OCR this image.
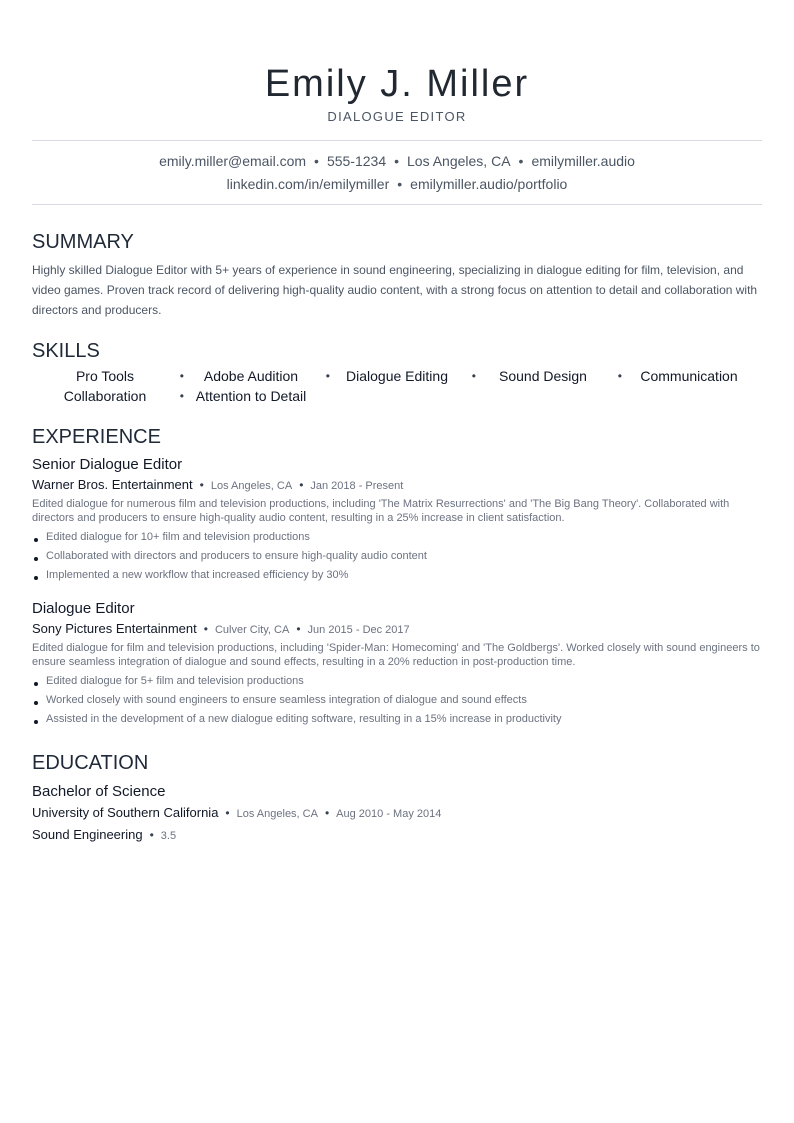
Emily J. Miller
DIALOGUE EDITOR
emily.miller@email.com • 555-1234 • Los Angeles, CA • emilymiller.audio
linkedin.com/in/emilymiller • emilymiller.audio/portfolio
SUMMARY
Highly skilled Dialogue Editor with 5+ years of experience in sound engineering, specializing in dialogue editing for film, television, and video games. Proven track record of delivering high-quality audio content, with a strong focus on attention to detail and collaboration with directors and producers.
SKILLS
Pro Tools	•	Adobe Audition •	Dialogue Editing •	Sound Design	•	Communication
Collaboration	• Attention to Detail
EXPERIENCE
Senior Dialogue Editor
Warner Bros. Entertainment • Los Angeles, CA • Jan 2018 - Present
Edited dialogue for numerous film and television productions, including 'The Matrix Resurrections' and 'The Big Bang Theory'. Collaborated with directors and producers to ensure high-quality audio content, resulting in a 25% increase in client satisfaction.
Edited dialogue for 10+ film and television productions
Collaborated with directors and producers to ensure high-quality audio content
Implemented a new workflow that increased efficiency by 30%
Dialogue Editor
Sony Pictures Entertainment • Culver City, CA • Jun 2015 - Dec 2017
Edited dialogue for film and television productions, including 'Spider-Man: Homecoming' and 'The Goldbergs'. Worked closely with sound engineers to ensure seamless integration of dialogue and sound effects, resulting in a 20% reduction in post-production time.
Edited dialogue for 5+ film and television productions
Worked closely with sound engineers to ensure seamless integration of dialogue and sound effects
Assisted in the development of a new dialogue editing software, resulting in a 15% increase in productivity
EDUCATION
Bachelor of Science
University of Southern California • Los Angeles, CA • Aug 2010 - May 2014
Sound Engineering • 3.5
